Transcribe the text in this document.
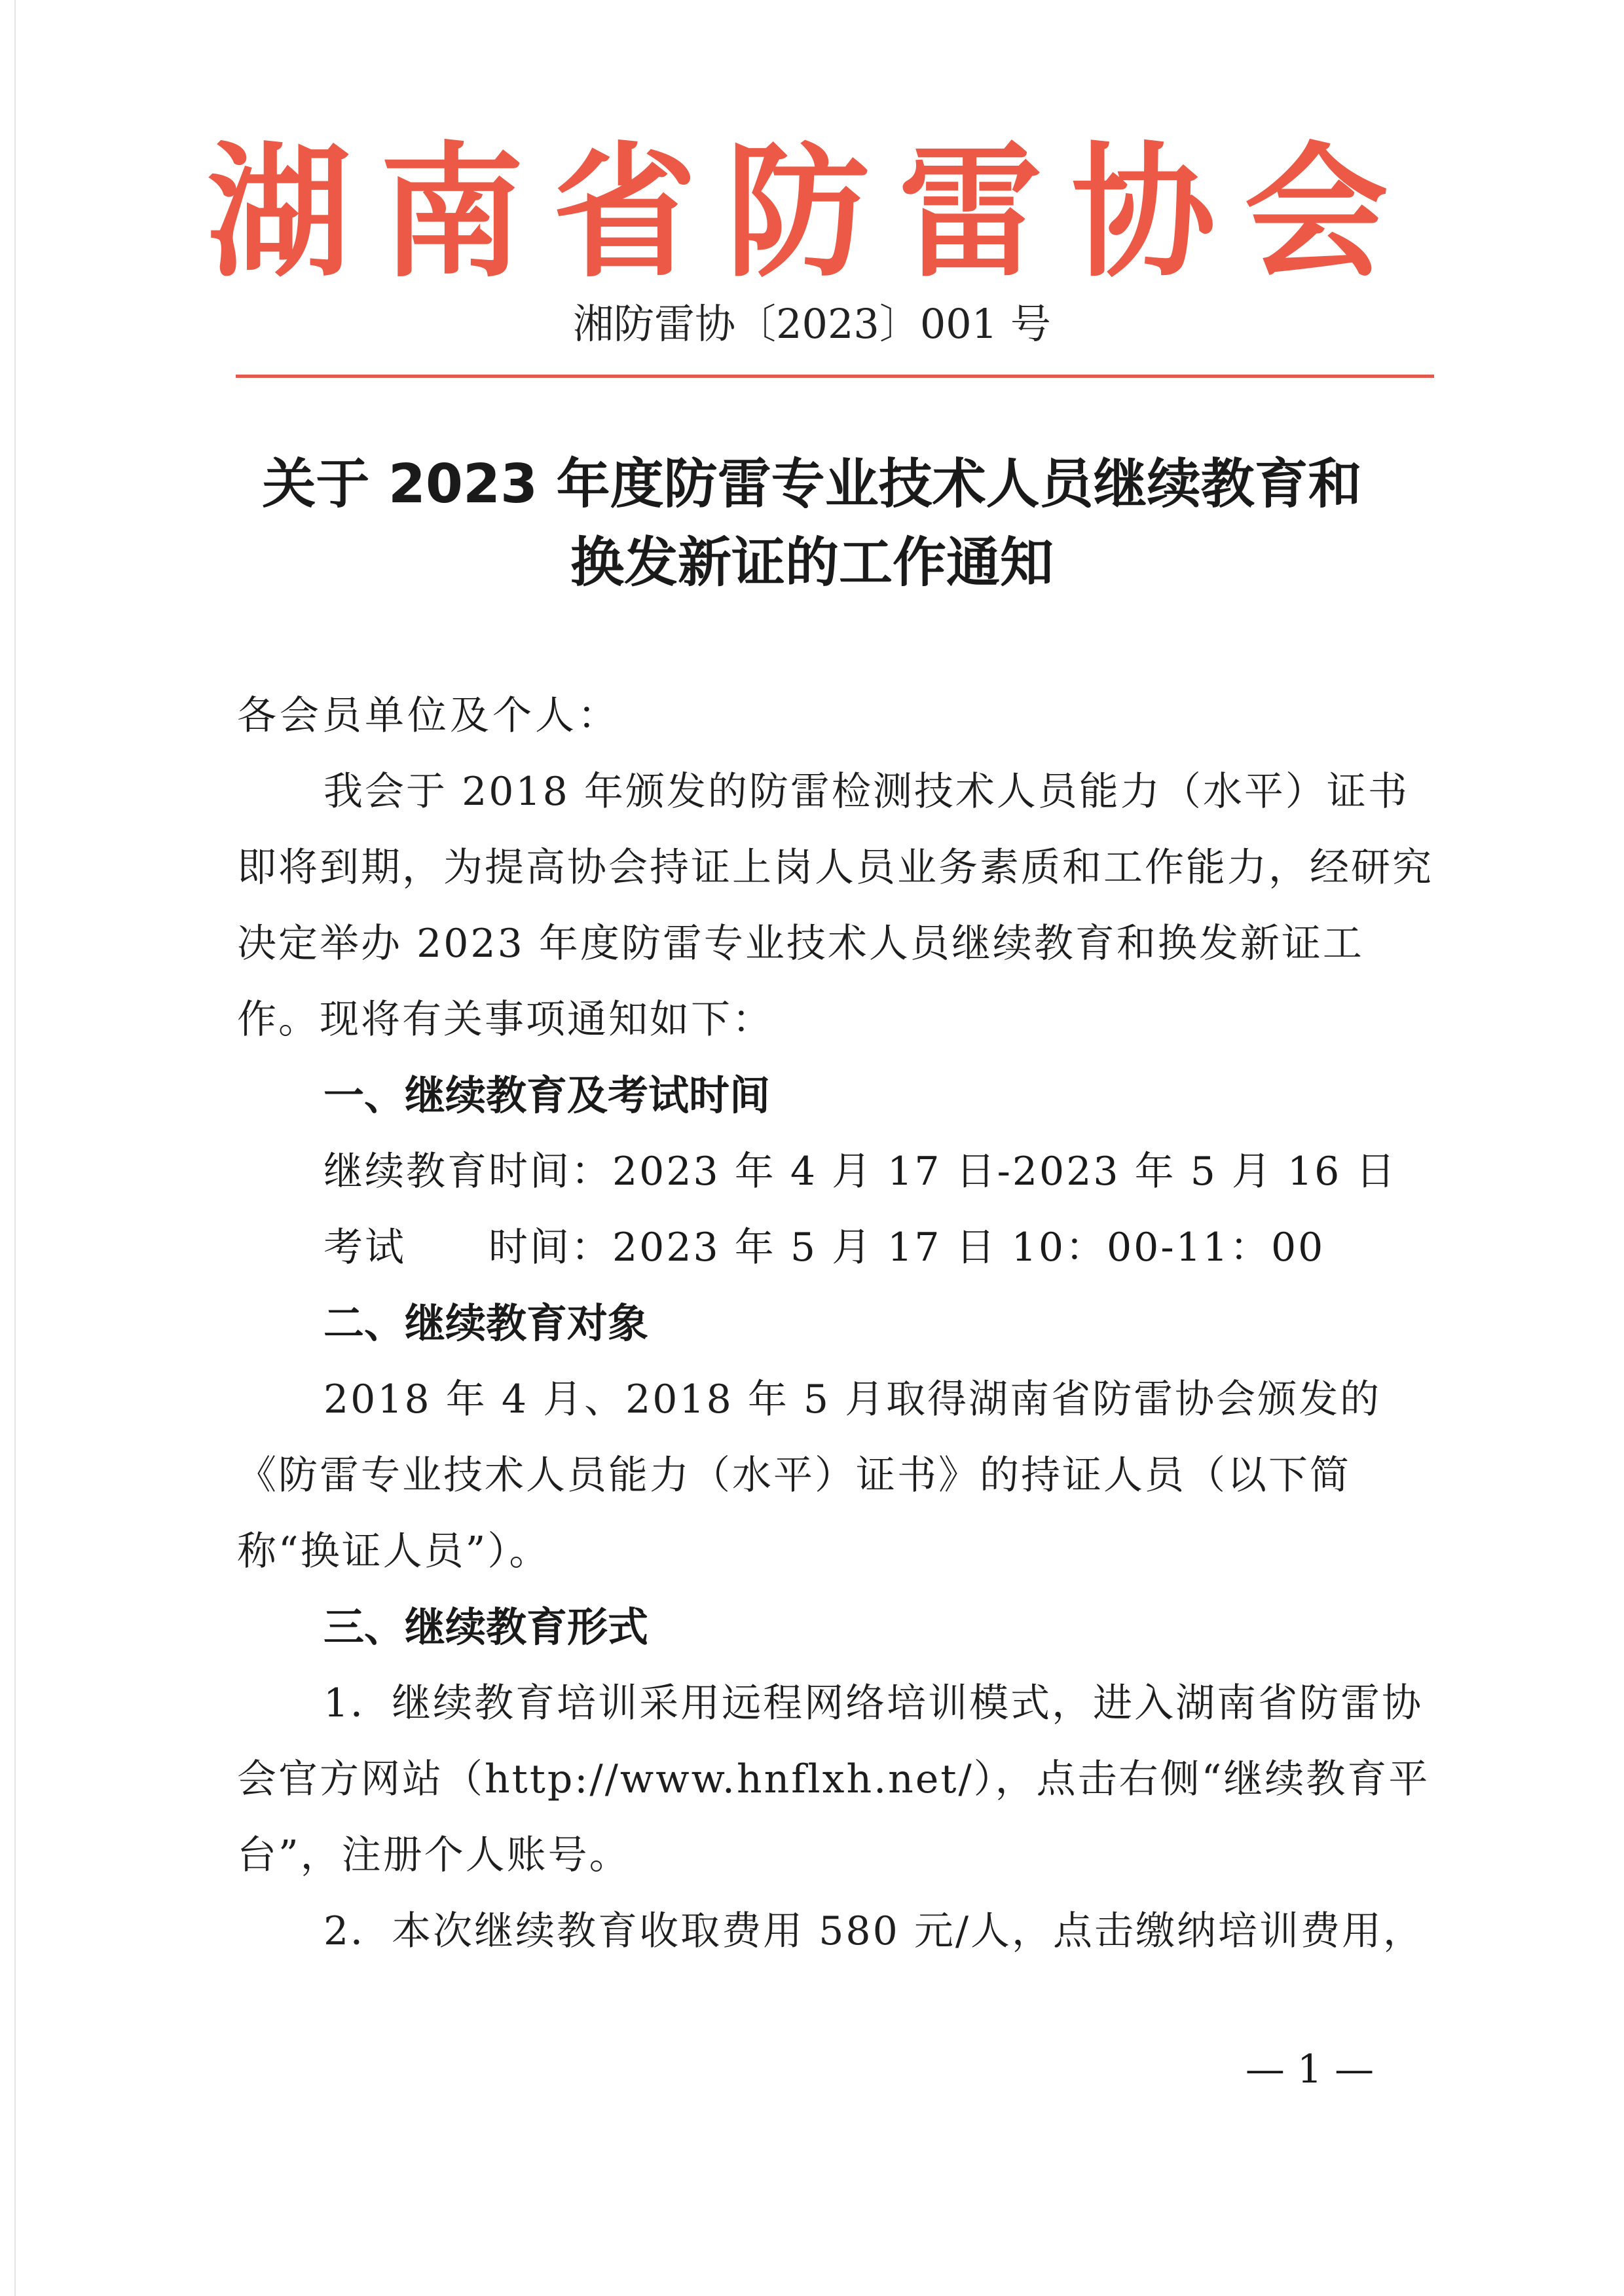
湖南省防雷协会
湘防雷协〔2023〕001 号
关于 2023 年度防雷专业技术人员继续教育和
换发新证的工作通知
各会员单位及个人：

我会于 2018 年颁发的防雷检测技术人员能力（水平）证书即将到期，为提高协会持证上岗人员业务素质和工作能力，经研究决定举办 2023 年度防雷专业技术人员继续教育和换发新证工作。现将有关事项通知如下：

一、继续教育及考试时间
继续教育时间：2023 年 4 月 17 日-2023 年 5 月 16 日
考试　　时间：2023 年 5 月 17 日 10：00-11：00
二、继续教育对象

2018 年 4 月、2018 年 5 月取得湖南省防雷协会颁发的《防雷专业技术人员能力（水平）证书》的持证人员（以下简称“换证人员”）。

三、继续教育形式

1．继续教育培训采用远程网络培训模式，进入湖南省防雷协会官方网站（http://www.hnflxh.net/），点击右侧“继续教育平台”，注册个人账号。

2．本次继续教育收取费用 580 元/人，点击缴纳培训费用，

— 1 —
